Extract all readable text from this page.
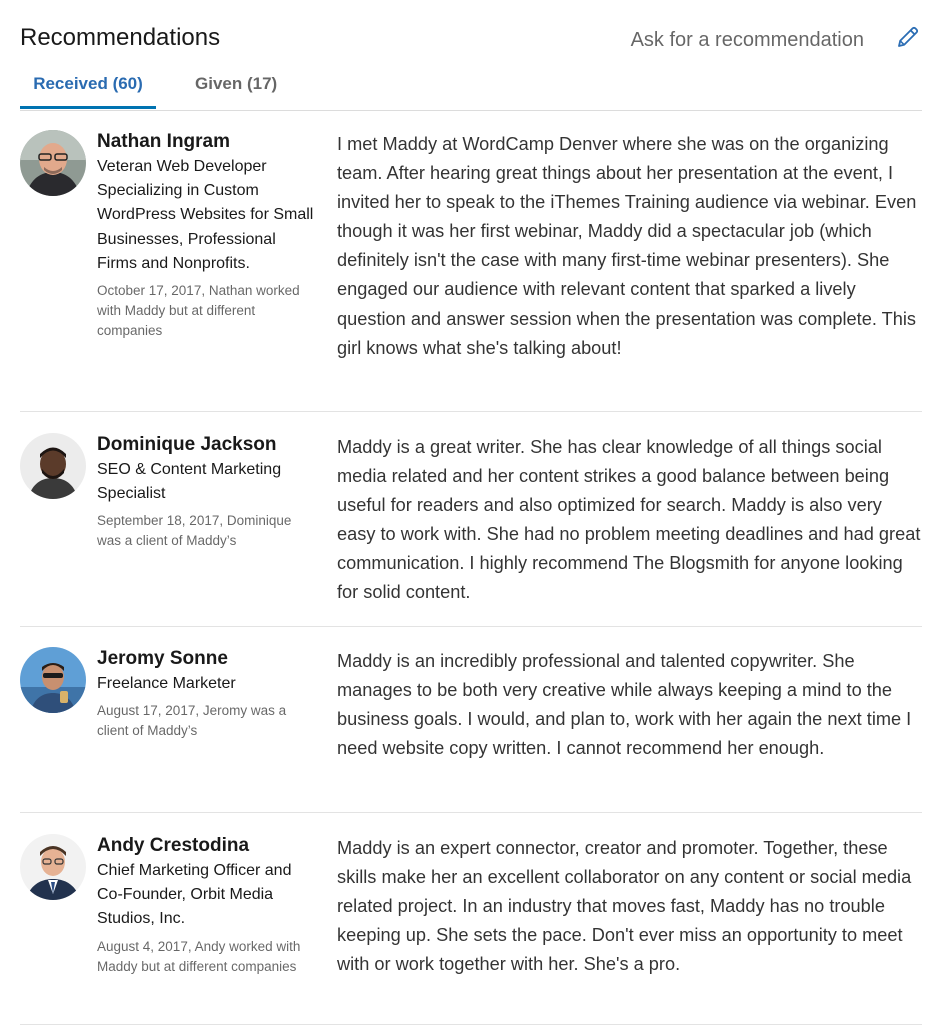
Recommendations	Ask for a recommendation
Received (60)	Given (17)
Nathan Ingram
Veteran Web Developer Specializing in Custom WordPress Websites for Small Businesses, Professional Firms and Nonprofits.
October 17, 2017, Nathan worked with Maddy but at different companies
I met Maddy at WordCamp Denver where she was on the organizing team. After hearing great things about her presentation at the event, I invited her to speak to the iThemes Training audience via webinar. Even though it was her first webinar, Maddy did a spectacular job (which definitely isn't the case with many first-time webinar presenters). She engaged our audience with relevant content that sparked a lively question and answer session when the presentation was complete. This girl knows what she's talking about!
Dominique Jackson
SEO & Content Marketing Specialist
September 18, 2017, Dominique was a client of Maddy’s
Maddy is a great writer. She has clear knowledge of all things social media related and her content strikes a good balance between being useful for readers and also optimized for search. Maddy is also very easy to work with. She had no problem meeting deadlines and had great communication. I highly recommend The Blogsmith for anyone looking for solid content.
Jeromy Sonne
Freelance Marketer
August 17, 2017, Jeromy was a client of Maddy’s
Maddy is an incredibly professional and talented copywriter. She manages to be both very creative while always keeping a mind to the business goals. I would, and plan to, work with her again the next time I need website copy written. I cannot recommend her enough.
Andy Crestodina
Chief Marketing Officer and Co-Founder, Orbit Media Studios, Inc.
August 4, 2017, Andy worked with Maddy but at different companies
Maddy is an expert connector, creator and promoter. Together, these skills make her an excellent collaborator on any content or social media related project. In an industry that moves fast, Maddy has no trouble keeping up. She sets the pace. Don't ever miss an opportunity to meet with or work together with her. She's a pro.
